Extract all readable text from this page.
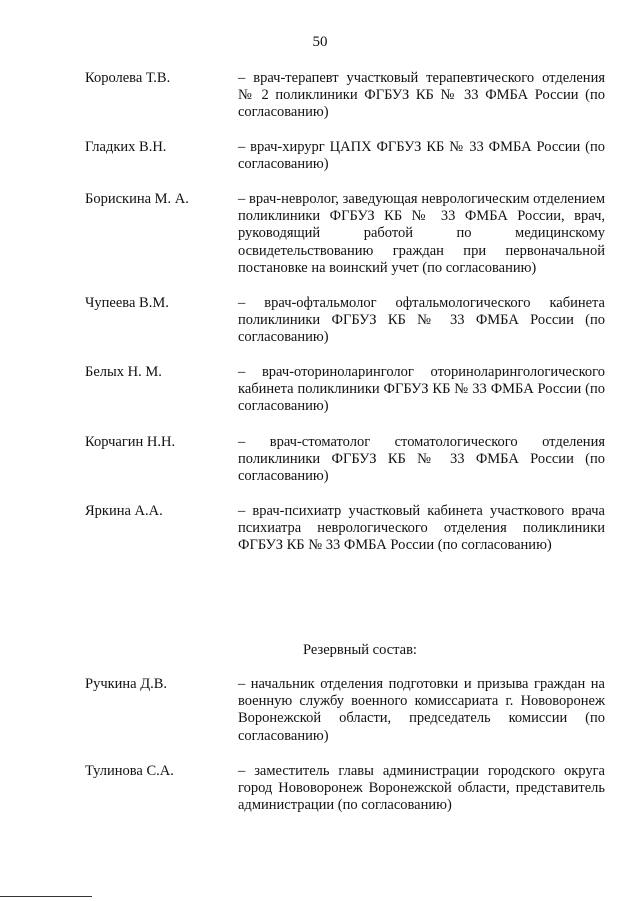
50
Королева Т.В.	– врач-терапевт участковый терапевтического отделения № 2 поликлиники ФГБУЗ КБ № 33 ФМБА России (по согласованию)
Гладких В.Н.	– врач-хирург ЦАПХ ФГБУЗ КБ № 33 ФМБА России (по согласованию)
Борискина М. А.	– врач-невролог, заведующая неврологическим отделением поликлиники ФГБУЗ КБ № 33 ФМБА России, врач, руководящий работой по медицинскому освидетельствованию граждан при первоначальной постановке на воинский учет (по согласованию)
Чупеева В.М.	– врач-офтальмолог офтальмологического кабинета поликлиники ФГБУЗ КБ № 33 ФМБА России (по согласованию)
Белых Н. М.	– врач-оториноларинголог оториноларингологического кабинета поликлиники ФГБУЗ КБ № 33 ФМБА России (по согласованию)
Корчагин Н.Н.	– врач-стоматолог стоматологического отделения поликлиники ФГБУЗ КБ № 33 ФМБА России (по согласованию)
Яркина А.А.	– врач-психиатр участковый кабинета участкового врача психиатра неврологического отделения поликлиники ФГБУЗ КБ № 33 ФМБА России (по согласованию)
Резервный состав:
Ручкина Д.В.	– начальник отделения подготовки и призыва граждан на военную службу военного комиссариата г. Нововоронеж Воронежской области, председатель комиссии (по согласованию)
Тулинова С.А.	– заместитель главы администрации городского округа город Нововоронеж Воронежской области, представитель администрации (по согласованию)
